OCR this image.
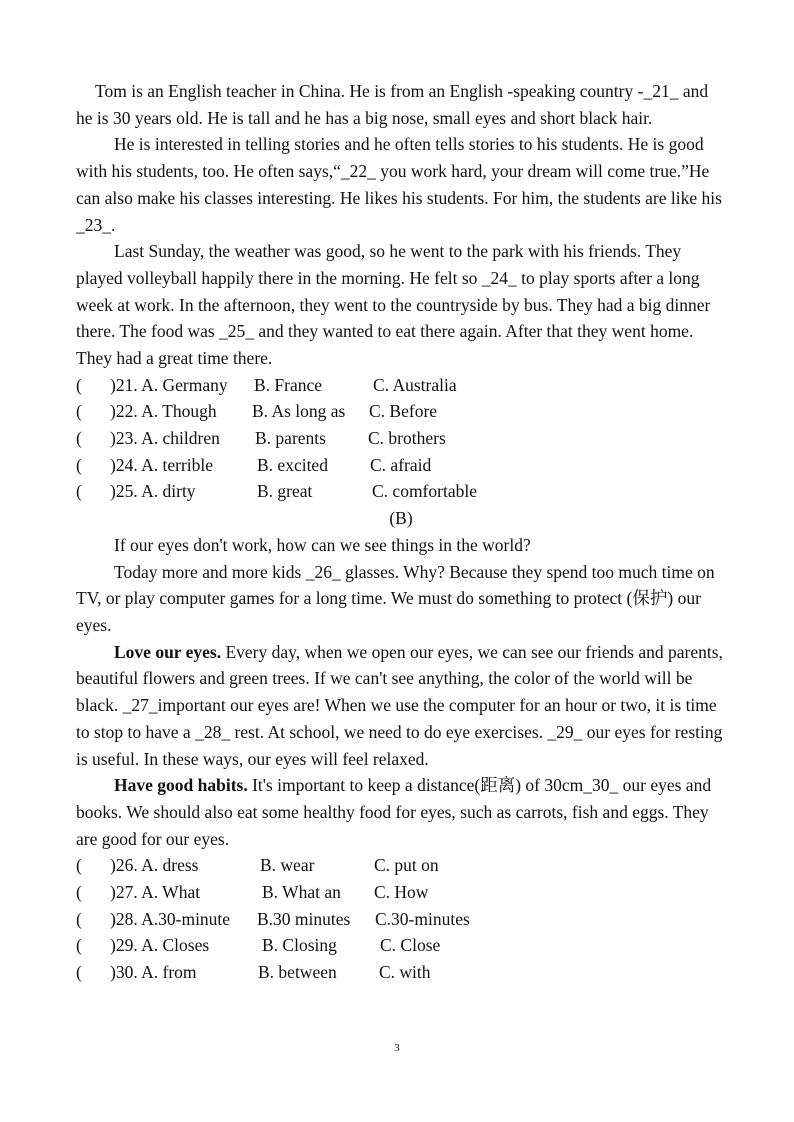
Tom is an English teacher in China. He is from an English -speaking country -_21_ and he is 30 years old. He is tall and he has a big nose, small eyes and short black hair.

He is interested in telling stories and he often tells stories to his students. He is good with his students, too. He often says,“_22_ you work hard, your dream will come true.”He can also make his classes interesting. He likes his students. For him, the students are like his _23_.

Last Sunday, the weather was good, so he went to the park with his friends. They played volleyball happily there in the morning. He felt so _24_ to play sports after a long week at work. In the afternoon, they went to the countryside by bus. They had a big dinner there. The food was _25_ and they wanted to eat there again. After that they went home. They had a great time there.

( )21. A. Germany B. France	C. Australia
( )22. A. Though B. As long as C. Before
( )23. A. children B. parents C. brothers
( )24. A. terrible	B. excited C. afraid
( )25. A. dirty	B. great	C. comfortable

(B)

If our eyes don't work, how can we see things in the world?

Today more and more kids _26_ glasses. Why? Because they spend too much time on TV, or play computer games for a long time. We must do something to protect (保护) our eyes.

Love our eyes. Every day, when we open our eyes, we can see our friends and parents, beautiful flowers and green trees. If we can't see anything, the color of the world will be black. _27_important our eyes are! When we use the computer for an hour or two, it is time to stop to have a _28_ rest. At school, we need to do eye exercises. _29_ our eyes for resting is useful. In these ways, our eyes will feel relaxed.

Have good habits. It's important to keep a distance(距离) of 30cm_30_ our eyes and books. We should also eat some healthy food for eyes, such as carrots, fish and eggs. They are good for our eyes.

( )26. A. dress	B. wear	C. put on
( )27. A. What	B. What an C. How
( )28. A.30-minute B.30 minutes C.30-minutes
( )29. A. Closes	B. Closing C. Close
( )30. A. from	B. between C. with
3
